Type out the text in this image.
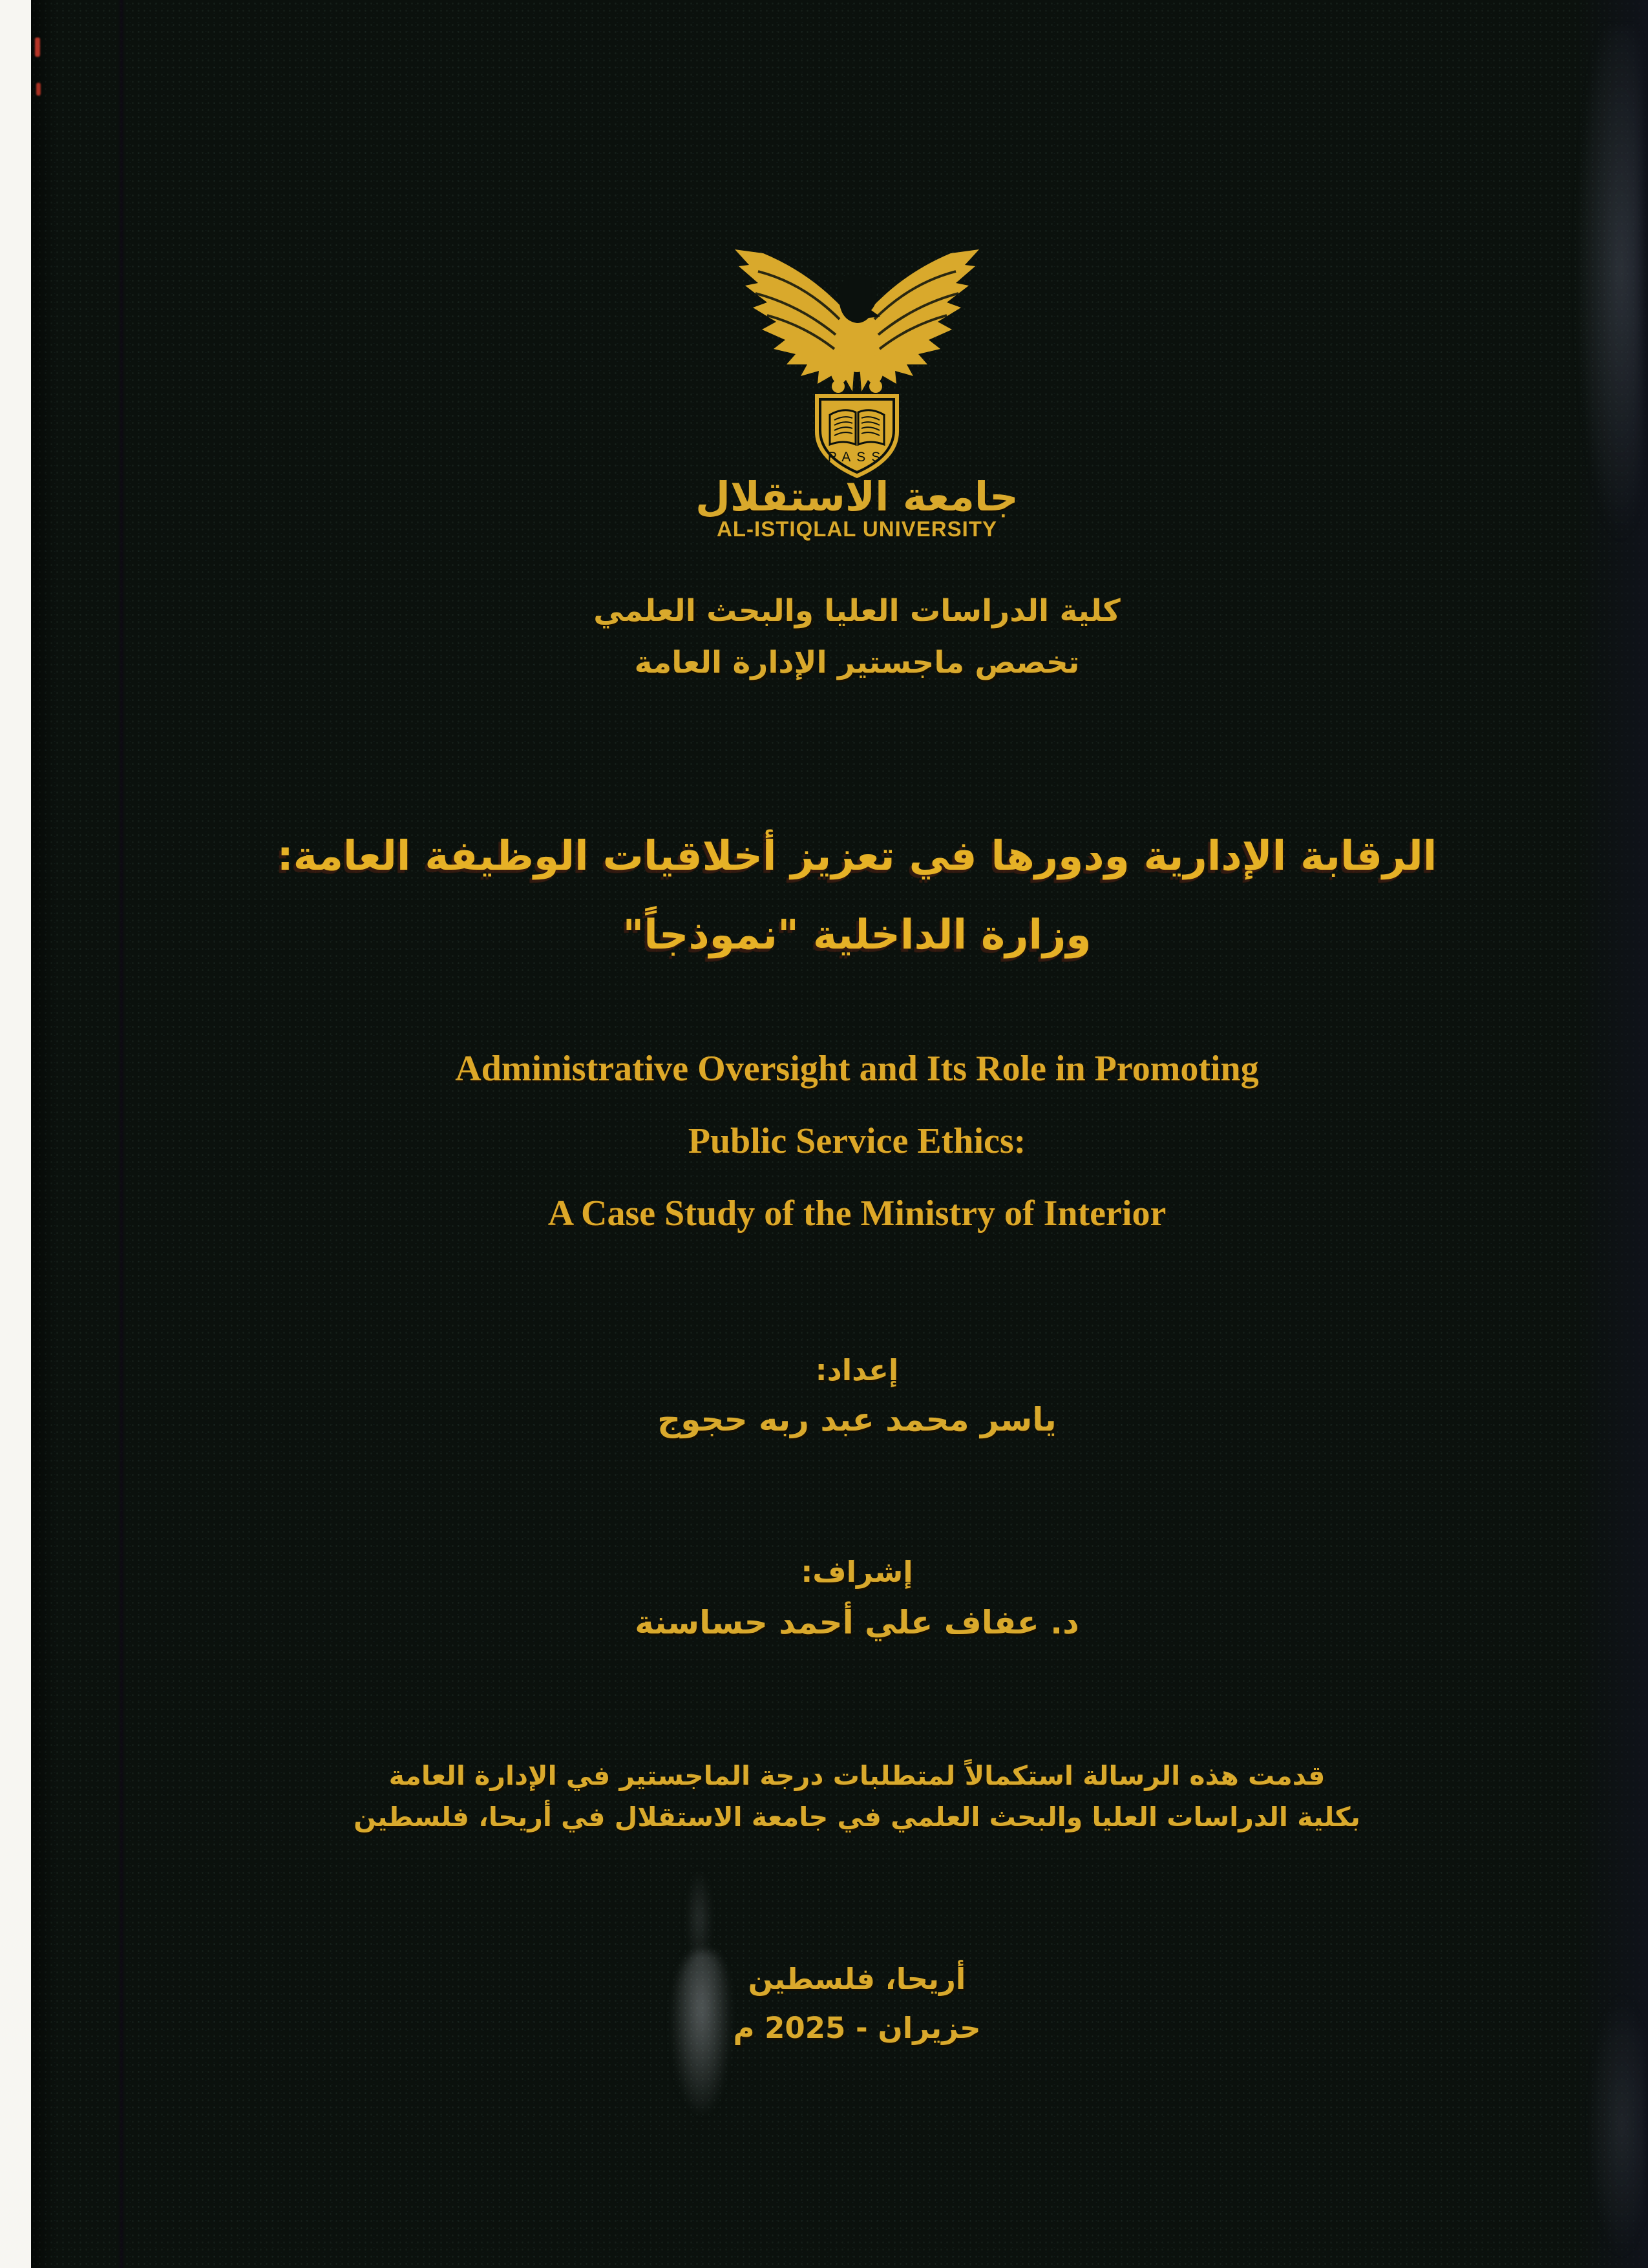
PASS
جامعة الاستقلال
AL-ISTIQLAL UNIVERSITY
كلية الدراسات العليا والبحث العلمي
تخصص ماجستير الإدارة العامة
الرقابة الإدارية ودورها في تعزيز أخلاقيات الوظيفة العامة:
وزارة الداخلية "نموذجاً"
Administrative Oversight and Its Role in Promoting
Public Service Ethics:
A Case Study of the Ministry of Interior
إعداد:
ياسر محمد عبد ربه حجوج
إشراف:
د. عفاف علي أحمد حساسنة
قدمت هذه الرسالة استكمالاً لمتطلبات درجة الماجستير في الإدارة العامة
بكلية الدراسات العليا والبحث العلمي في جامعة الاستقلال في أريحا، فلسطين
أريحا، فلسطين
حزيران - 2025 م
